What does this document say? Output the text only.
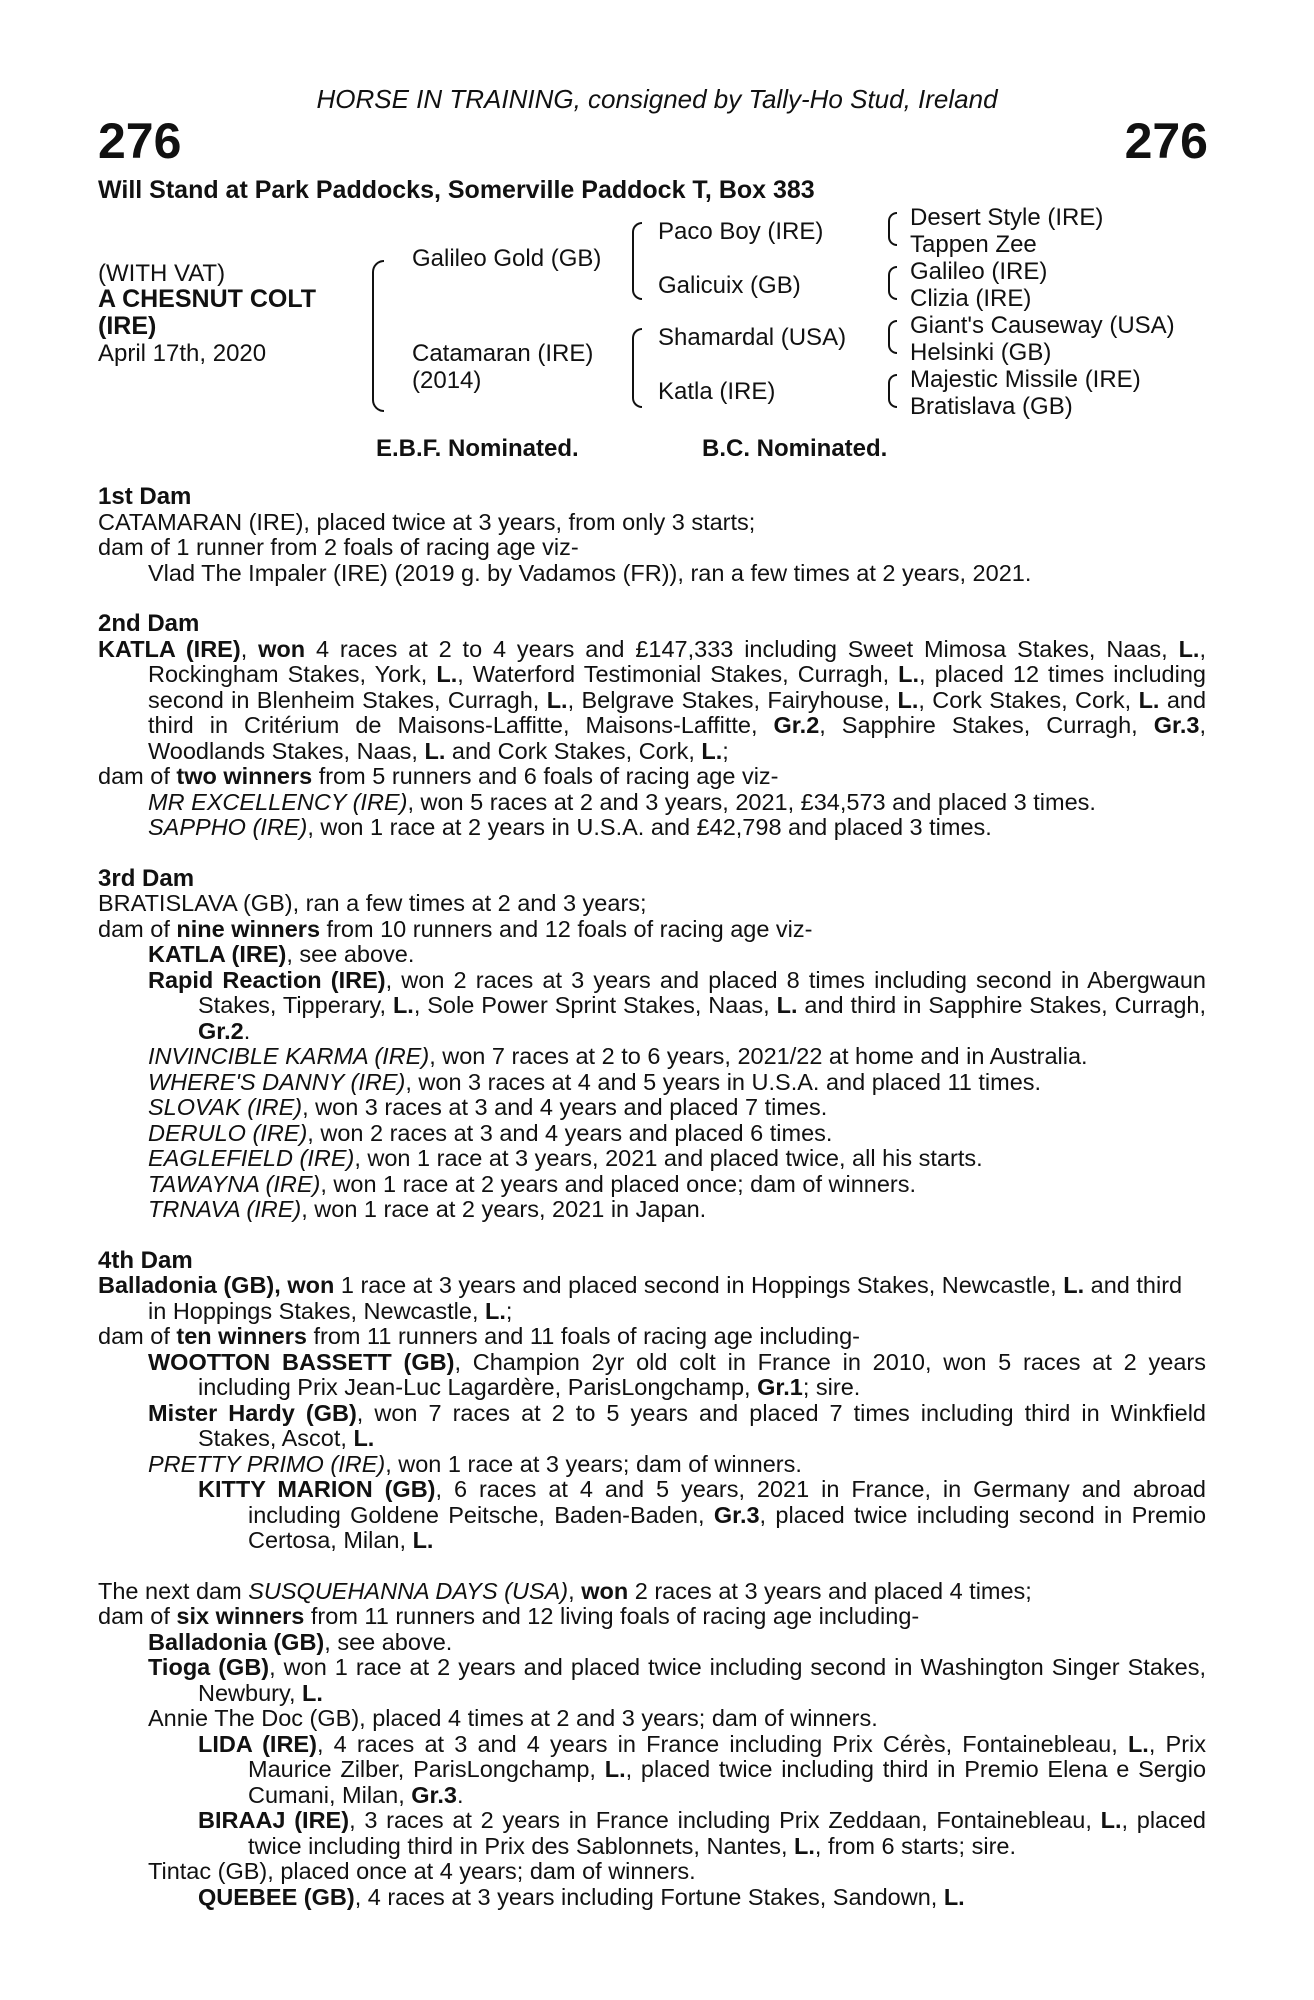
HORSE IN TRAINING, consigned by Tally-Ho Stud, Ireland
276	276
Will Stand at Park Paddocks, Somerville Paddock T, Box 383
(WITH VAT)
A CHESNUT COLT
(IRE)
April 17th, 2020
Galileo Gold (GB)
Catamaran (IRE)
(2014)
Paco Boy (IRE)
Galicuix (GB)
Shamardal (USA)
Katla (IRE)
Desert Style (IRE)
Tappen Zee
Galileo (IRE)
Clizia (IRE)
Giant's Causeway (USA)
Helsinki (GB)
Majestic Missile (IRE)
Bratislava (GB)
E.B.F. Nominated.	B.C. Nominated.
1st Dam
CATAMARAN (IRE), placed twice at 3 years, from only 3 starts;
dam of 1 runner from 2 foals of racing age viz-
Vlad The Impaler (IRE) (2019 g. by Vadamos (FR)), ran a few times at 2 years, 2021.
2nd Dam
KATLA (IRE), won 4 races at 2 to 4 years and £147,333 including Sweet Mimosa Stakes, Naas, L., Rockingham Stakes, York, L., Waterford Testimonial Stakes, Curragh, L., placed 12 times including second in Blenheim Stakes, Curragh, L., Belgrave Stakes, Fairyhouse, L., Cork Stakes, Cork, L. and third in Critérium de Maisons-Laffitte, Maisons-Laffitte, Gr.2, Sapphire Stakes, Curragh, Gr.3, Woodlands Stakes, Naas, L. and Cork Stakes, Cork, L.;
dam of two winners from 5 runners and 6 foals of racing age viz-
MR EXCELLENCY (IRE), won 5 races at 2 and 3 years, 2021, £34,573 and placed 3 times.
SAPPHO (IRE), won 1 race at 2 years in U.S.A. and £42,798 and placed 3 times.
3rd Dam
BRATISLAVA (GB), ran a few times at 2 and 3 years;
dam of nine winners from 10 runners and 12 foals of racing age viz-
KATLA (IRE), see above.
Rapid Reaction (IRE), won 2 races at 3 years and placed 8 times including second in Abergwaun Stakes, Tipperary, L., Sole Power Sprint Stakes, Naas, L. and third in Sapphire Stakes, Curragh, Gr.2.
INVINCIBLE KARMA (IRE), won 7 races at 2 to 6 years, 2021/22 at home and in Australia.
WHERE'S DANNY (IRE), won 3 races at 4 and 5 years in U.S.A. and placed 11 times.
SLOVAK (IRE), won 3 races at 3 and 4 years and placed 7 times.
DERULO (IRE), won 2 races at 3 and 4 years and placed 6 times.
EAGLEFIELD (IRE), won 1 race at 3 years, 2021 and placed twice, all his starts.
TAWAYNA (IRE), won 1 race at 2 years and placed once; dam of winners.
TRNAVA (IRE), won 1 race at 2 years, 2021 in Japan.
4th Dam
Balladonia (GB), won 1 race at 3 years and placed second in Hoppings Stakes, Newcastle, L. and third in Hoppings Stakes, Newcastle, L.;
dam of ten winners from 11 runners and 11 foals of racing age including-
WOOTTON BASSETT (GB), Champion 2yr old colt in France in 2010, won 5 races at 2 years including Prix Jean-Luc Lagardère, ParisLongchamp, Gr.1; sire.
Mister Hardy (GB), won 7 races at 2 to 5 years and placed 7 times including third in Winkfield Stakes, Ascot, L.
PRETTY PRIMO (IRE), won 1 race at 3 years; dam of winners.
KITTY MARION (GB), 6 races at 4 and 5 years, 2021 in France, in Germany and abroad including Goldene Peitsche, Baden-Baden, Gr.3, placed twice including second in Premio Certosa, Milan, L.
The next dam SUSQUEHANNA DAYS (USA), won 2 races at 3 years and placed 4 times;
dam of six winners from 11 runners and 12 living foals of racing age including-
Balladonia (GB), see above.
Tioga (GB), won 1 race at 2 years and placed twice including second in Washington Singer Stakes, Newbury, L.
Annie The Doc (GB), placed 4 times at 2 and 3 years; dam of winners.
LIDA (IRE), 4 races at 3 and 4 years in France including Prix Cérès, Fontainebleau, L., Prix Maurice Zilber, ParisLongchamp, L., placed twice including third in Premio Elena e Sergio Cumani, Milan, Gr.3.
BIRAAJ (IRE), 3 races at 2 years in France including Prix Zeddaan, Fontainebleau, L., placed twice including third in Prix des Sablonnets, Nantes, L., from 6 starts; sire.
Tintac (GB), placed once at 4 years; dam of winners.
QUEBEE (GB), 4 races at 3 years including Fortune Stakes, Sandown, L.
